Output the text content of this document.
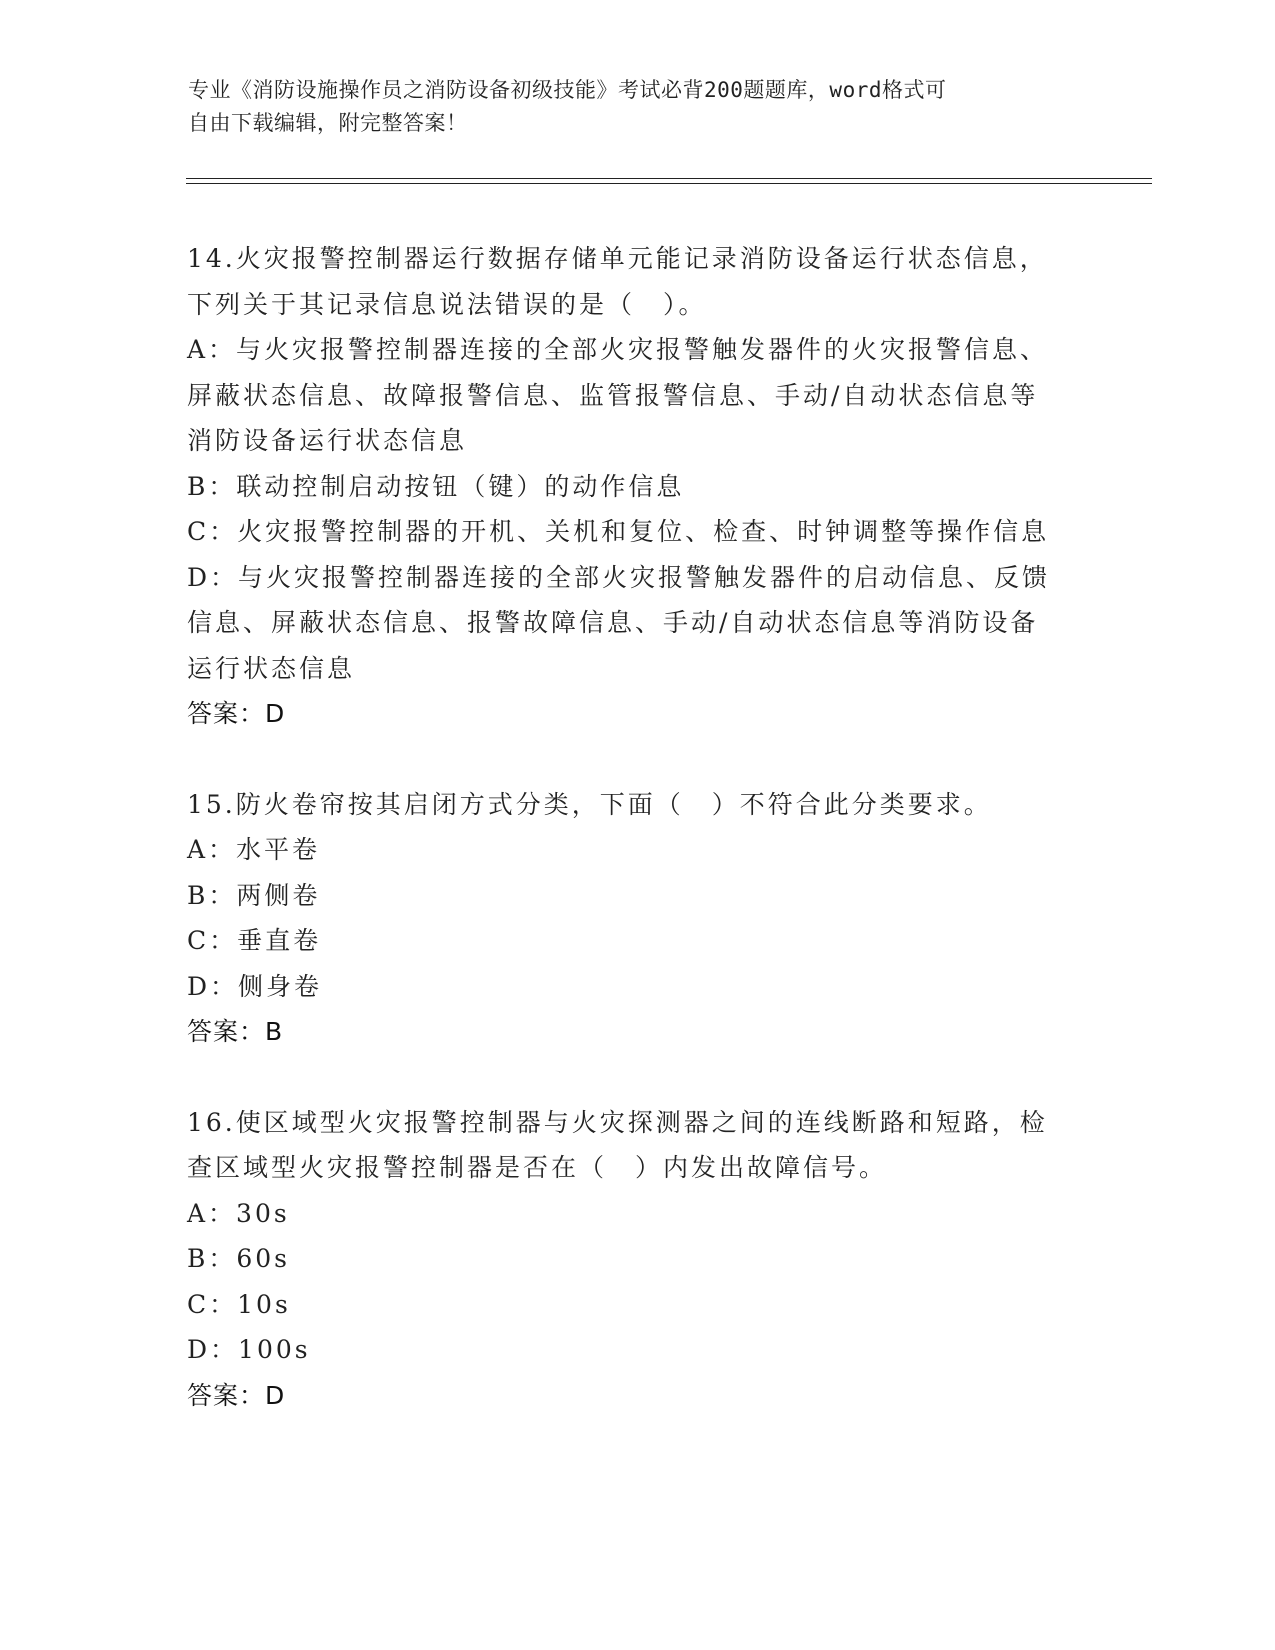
专业《消防设施操作员之消防设备初级技能》考试必背200题题库，word格式可
自由下载编辑，附完整答案！
14.火灾报警控制器运行数据存储单元能记录消防设备运行状态信息，
下列关于其记录信息说法错误的是（　）。
A：与火灾报警控制器连接的全部火灾报警触发器件的火灾报警信息、
屏蔽状态信息、故障报警信息、监管报警信息、手动/自动状态信息等
消防设备运行状态信息
B：联动控制启动按钮（键）的动作信息
C：火灾报警控制器的开机、关机和复位、检查、时钟调整等操作信息
D：与火灾报警控制器连接的全部火灾报警触发器件的启动信息、反馈
信息、屏蔽状态信息、报警故障信息、手动/自动状态信息等消防设备
运行状态信息
答案：D
15.防火卷帘按其启闭方式分类，下面（　）不符合此分类要求。
A：水平卷
B：两侧卷
C：垂直卷
D：侧身卷
答案：B
16.使区域型火灾报警控制器与火灾探测器之间的连线断路和短路，检
查区域型火灾报警控制器是否在（　）内发出故障信号。
A：30s
B：60s
C：10s
D：100s
答案：D
